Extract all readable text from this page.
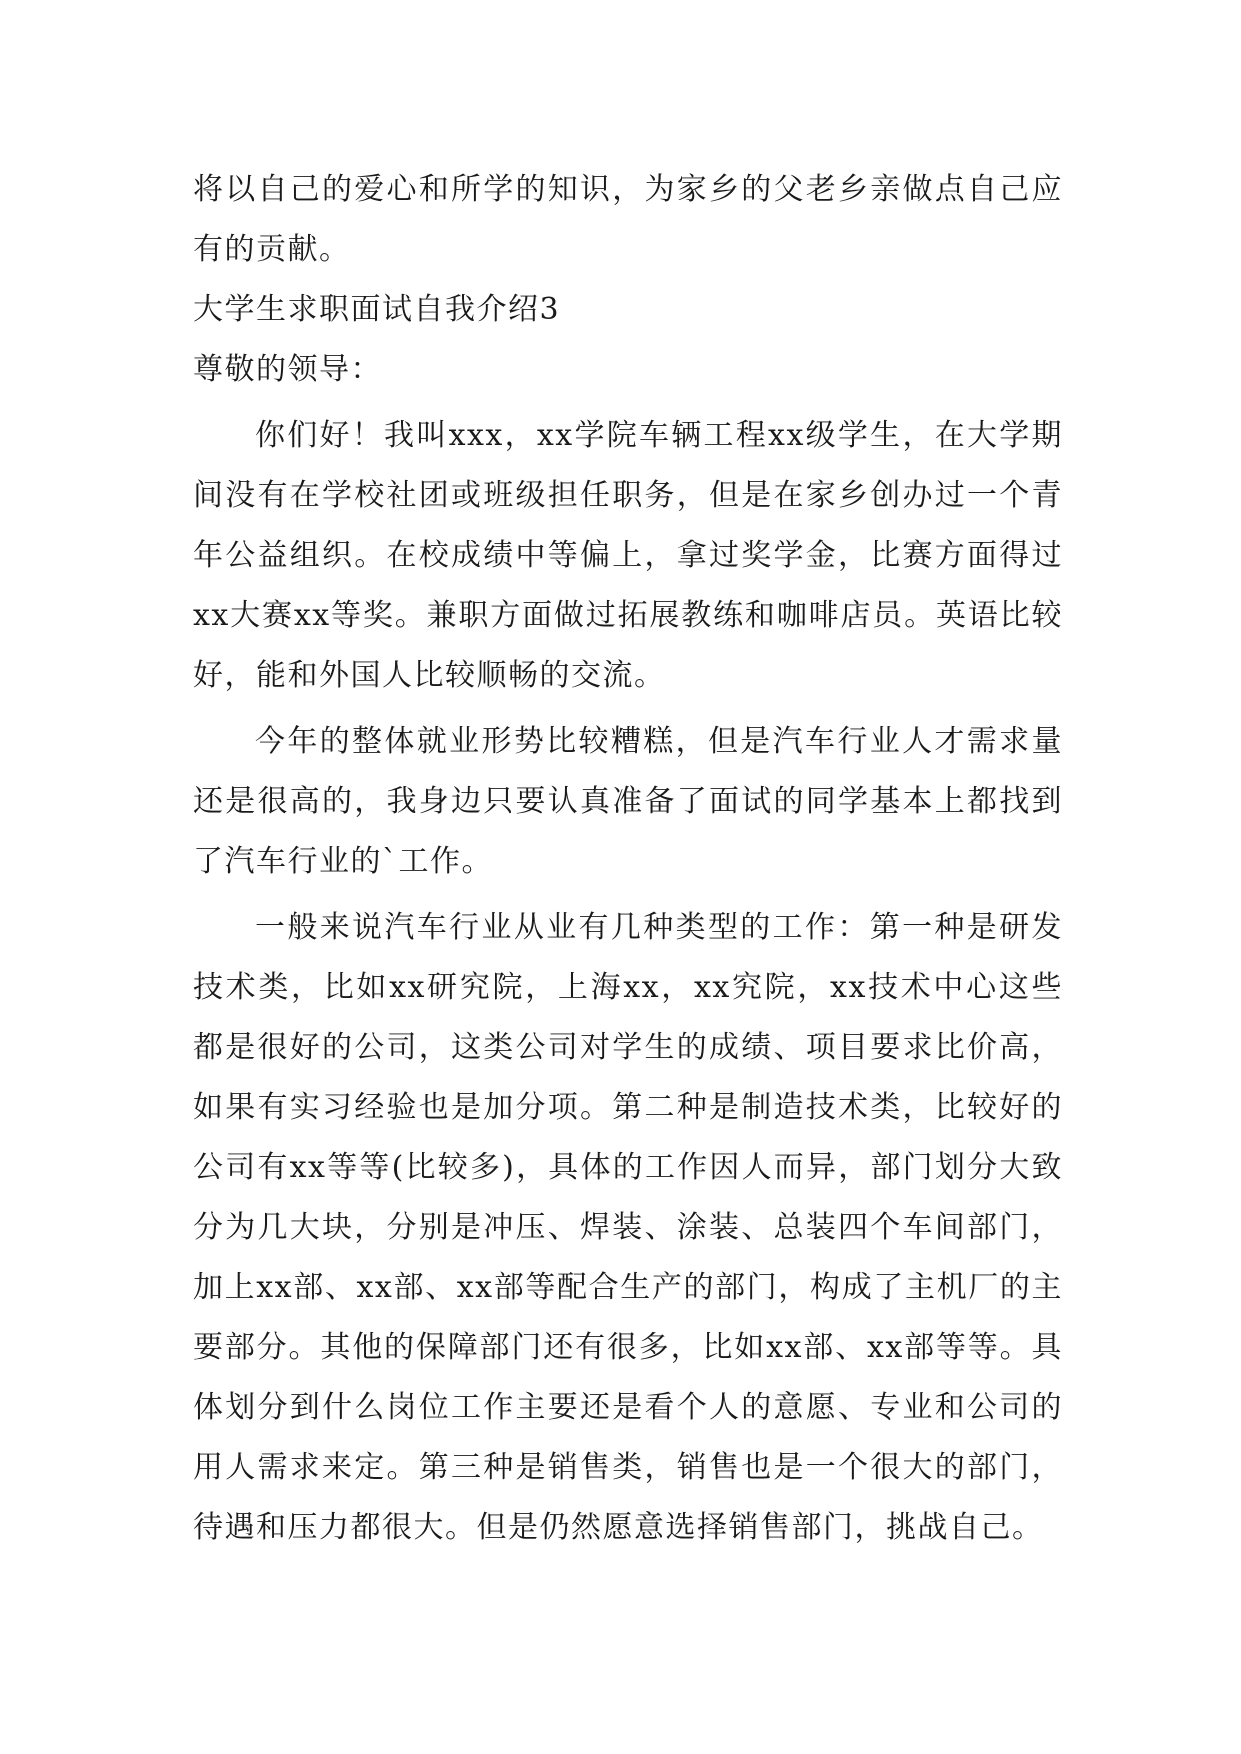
将以自己的爱心和所学的知识，为家乡的父老乡亲做点自己应有的贡献。

大学生求职面试自我介绍3

尊敬的领导：

你们好！我叫xxx，xx学院车辆工程xx级学生，在大学期间没有在学校社团或班级担任职务，但是在家乡创办过一个青年公益组织。在校成绩中等偏上，拿过奖学金，比赛方面得过xx大赛xx等奖。兼职方面做过拓展教练和咖啡店员。英语比较好，能和外国人比较顺畅的交流。

今年的整体就业形势比较糟糕，但是汽车行业人才需求量还是很高的，我身边只要认真准备了面试的同学基本上都找到了汽车行业的`工作。

一般来说汽车行业从业有几种类型的工作：第一种是研发技术类，比如xx研究院，上海xx，xx究院，xx技术中心这些都是很好的公司，这类公司对学生的成绩、项目要求比价高，如果有实习经验也是加分项。第二种是制造技术类，比较好的公司有xx等等(比较多)，具体的工作因人而异，部门划分大致分为几大块，分别是冲压、焊装、涂装、总装四个车间部门，加上xx部、xx部、xx部等配合生产的部门，构成了主机厂的主要部分。其他的保障部门还有很多，比如xx部、xx部等等。具体划分到什么岗位工作主要还是看个人的意愿、专业和公司的用人需求来定。第三种是销售类，销售也是一个很大的部门，待遇和压力都很大。但是仍然愿意选择销售部门，挑战自己。
